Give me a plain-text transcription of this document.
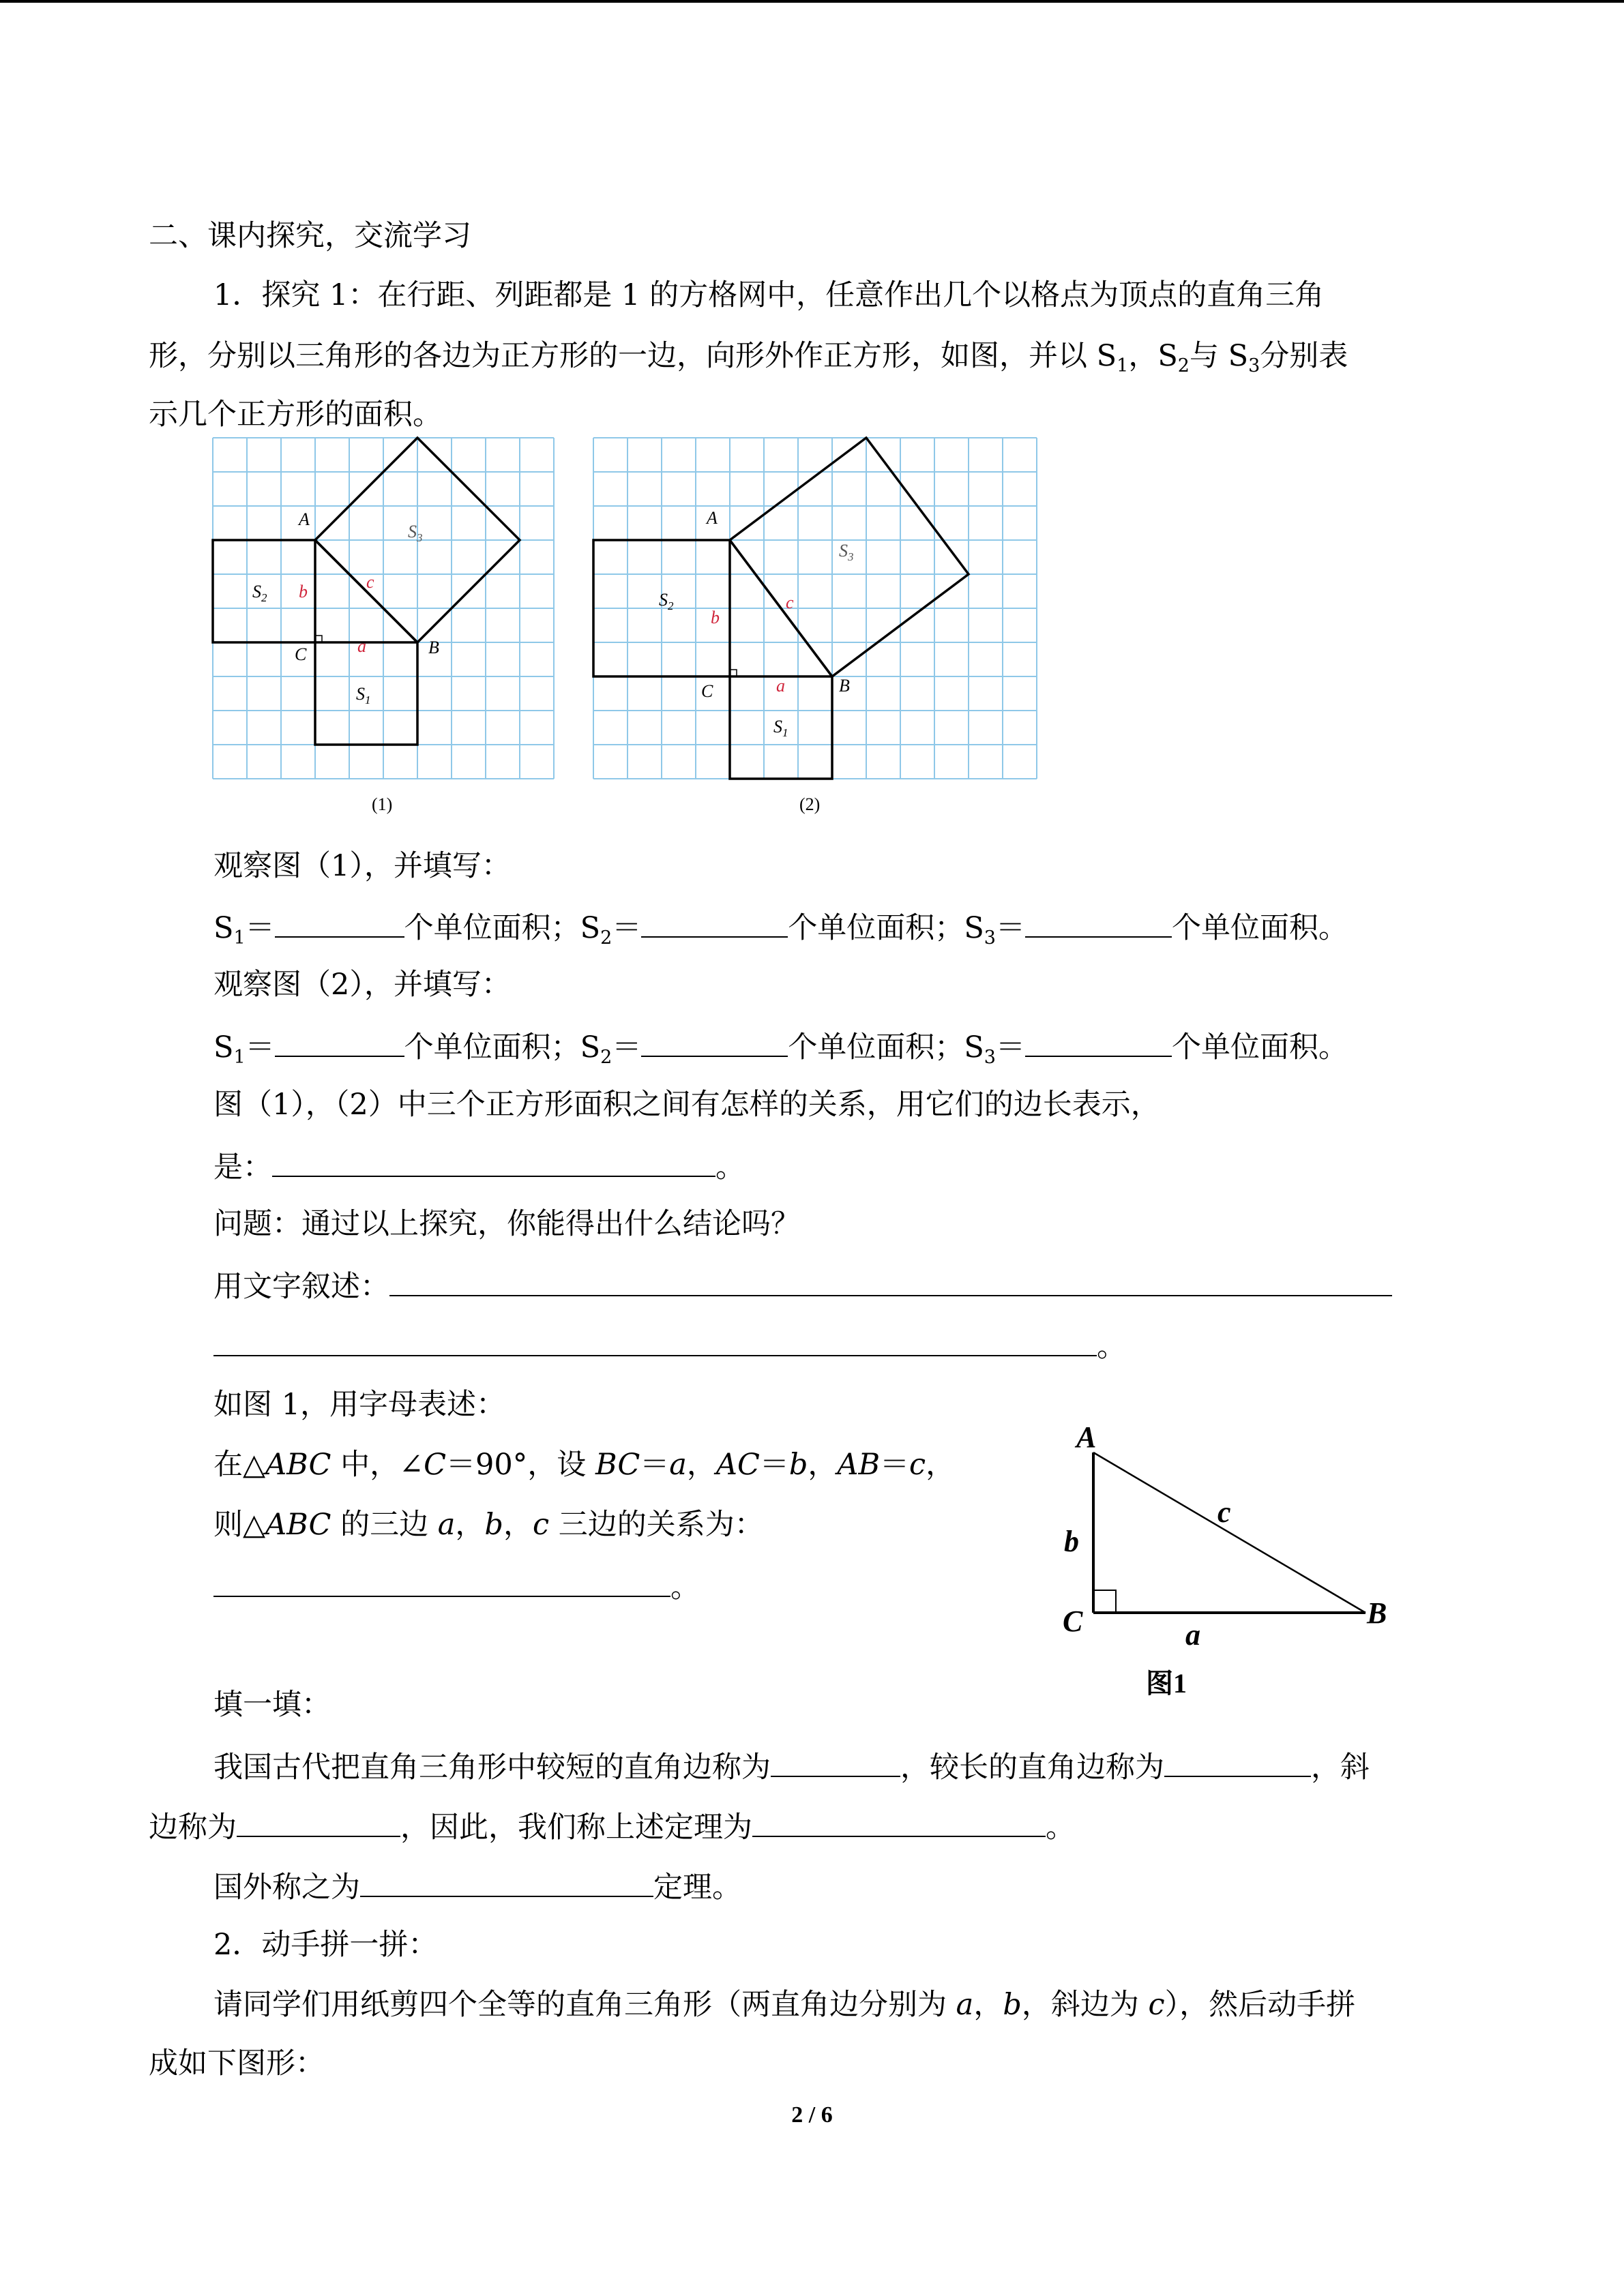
二、课内探究，交流学习
1．探究 1：在行距、列距都是 1 的方格网中，任意作出几个以格点为顶点的直角三角
形，分别以三角形的各边为正方形的一边，向形外作正方形，如图，并以 $S_1$，$S_2$与 $S_3$分别表
示几个正方形的面积。
A
B
C	a
b	c
$S_2$
$S_1$
$S_3$
(1)
A
B
C	a
b
c
$S_2$
$S_1$
$S_3$
(2)
观察图（1），并填写：
$S_1=$	个单位面积；$S_2=$	个单位面积；$S_3=$	个单位面积。
观察图（2），并填写：
$S_1=$	个单位面积；$S_2=$	个单位面积；$S_3=$	个单位面积。
图（1），（2）中三个正方形面积之间有怎样的关系，用它们的边长表示，
是：	。
问题：通过以上探究，你能得出什么结论吗？
用文字叙述：
。
如图 1，用字母表述：
在△ABC 中，∠C＝90°，设 BC＝a，AC＝b，AB＝c，
则△ABC 的三边 a，b，c 三边的关系为：
。
A
B
C
b
a
c
图1
填一填：
我国古代把直角三角形中较短的直角边称为	，较长的直角边称为	，斜
边称为	，因此，我们称上述定理为	。
国外称之为	定理。
2．动手拼一拼：
请同学们用纸剪四个全等的直角三角形（两直角边分别为 a，b，斜边为 c），然后动手拼
成如下图形：
2 / 6
